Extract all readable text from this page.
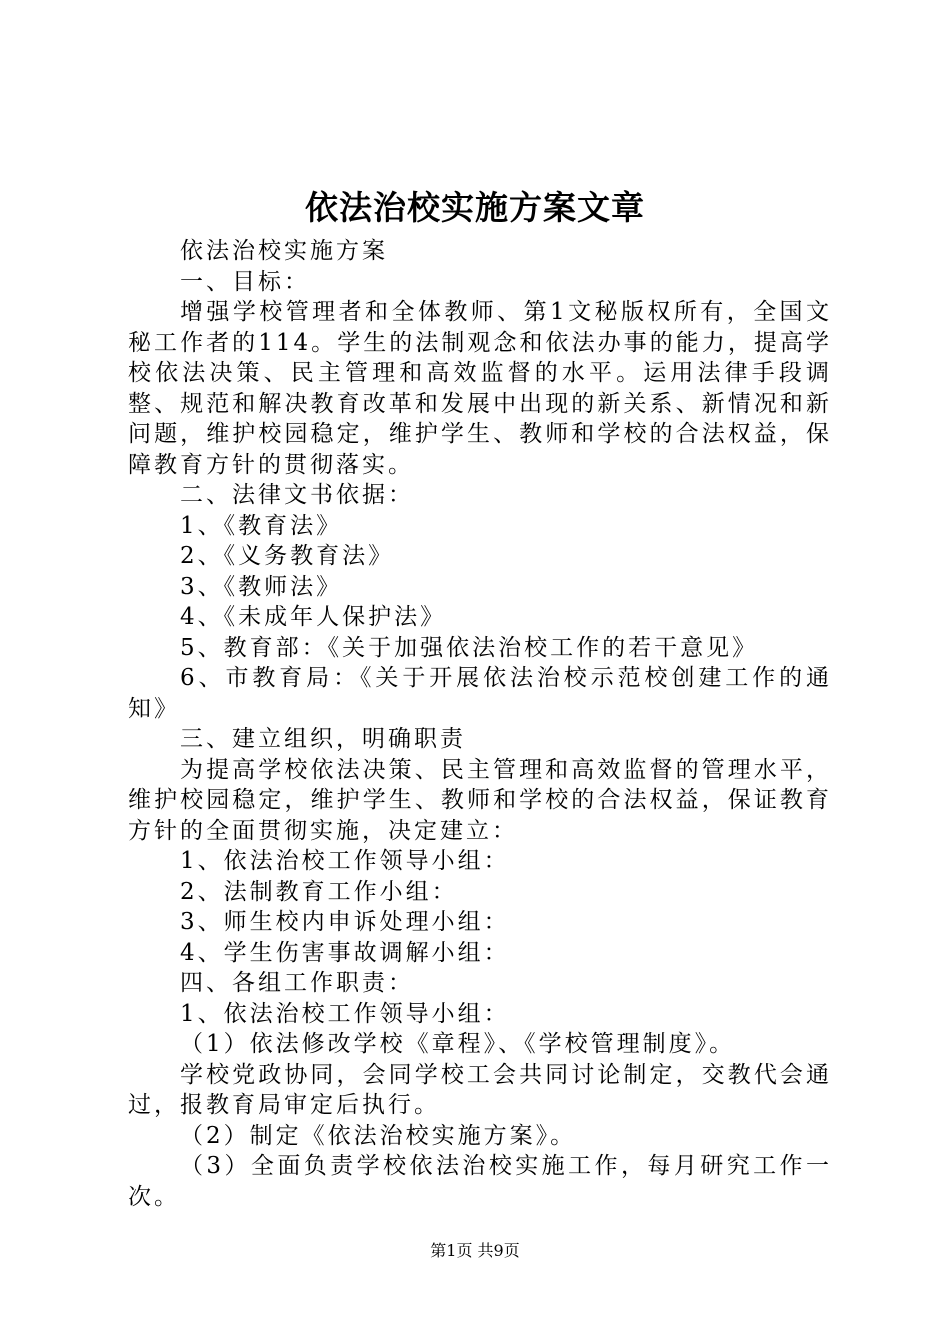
依法治校实施方案文章

依法治校实施方案

一、目标：

增强学校管理者和全体教师、第1文秘版权所有，全国文秘工作者的114。学生的法制观念和依法办事的能力，提高学校依法决策、民主管理和高效监督的水平。运用法律手段调整、规范和解决教育改革和发展中出现的新关系、新情况和新问题，维护校园稳定，维护学生、教师和学校的合法权益，保障教育方针的贯彻落实。

二、法律文书依据：

1、《教育法》

2、《义务教育法》

3、《教师法》

4、《未成年人保护法》

5、教育部：《关于加强依法治校工作的若干意见》

6、市教育局：《关于开展依法治校示范校创建工作的通知》

三、建立组织，明确职责

为提高学校依法决策、民主管理和高效监督的管理水平，维护校园稳定，维护学生、教师和学校的合法权益，保证教育方针的全面贯彻实施，决定建立：

1、依法治校工作领导小组：

2、法制教育工作小组：

3、师生校内申诉处理小组：

4、学生伤害事故调解小组：

四、各组工作职责：

1、依法治校工作领导小组：

（1）依法修改学校《章程》、《学校管理制度》。

学校党政协同，会同学校工会共同讨论制定，交教代会通过，报教育局审定后执行。

（2）制定《依法治校实施方案》。

（3）全面负责学校依法治校实施工作，每月研究工作一次。

第1页 共9页
